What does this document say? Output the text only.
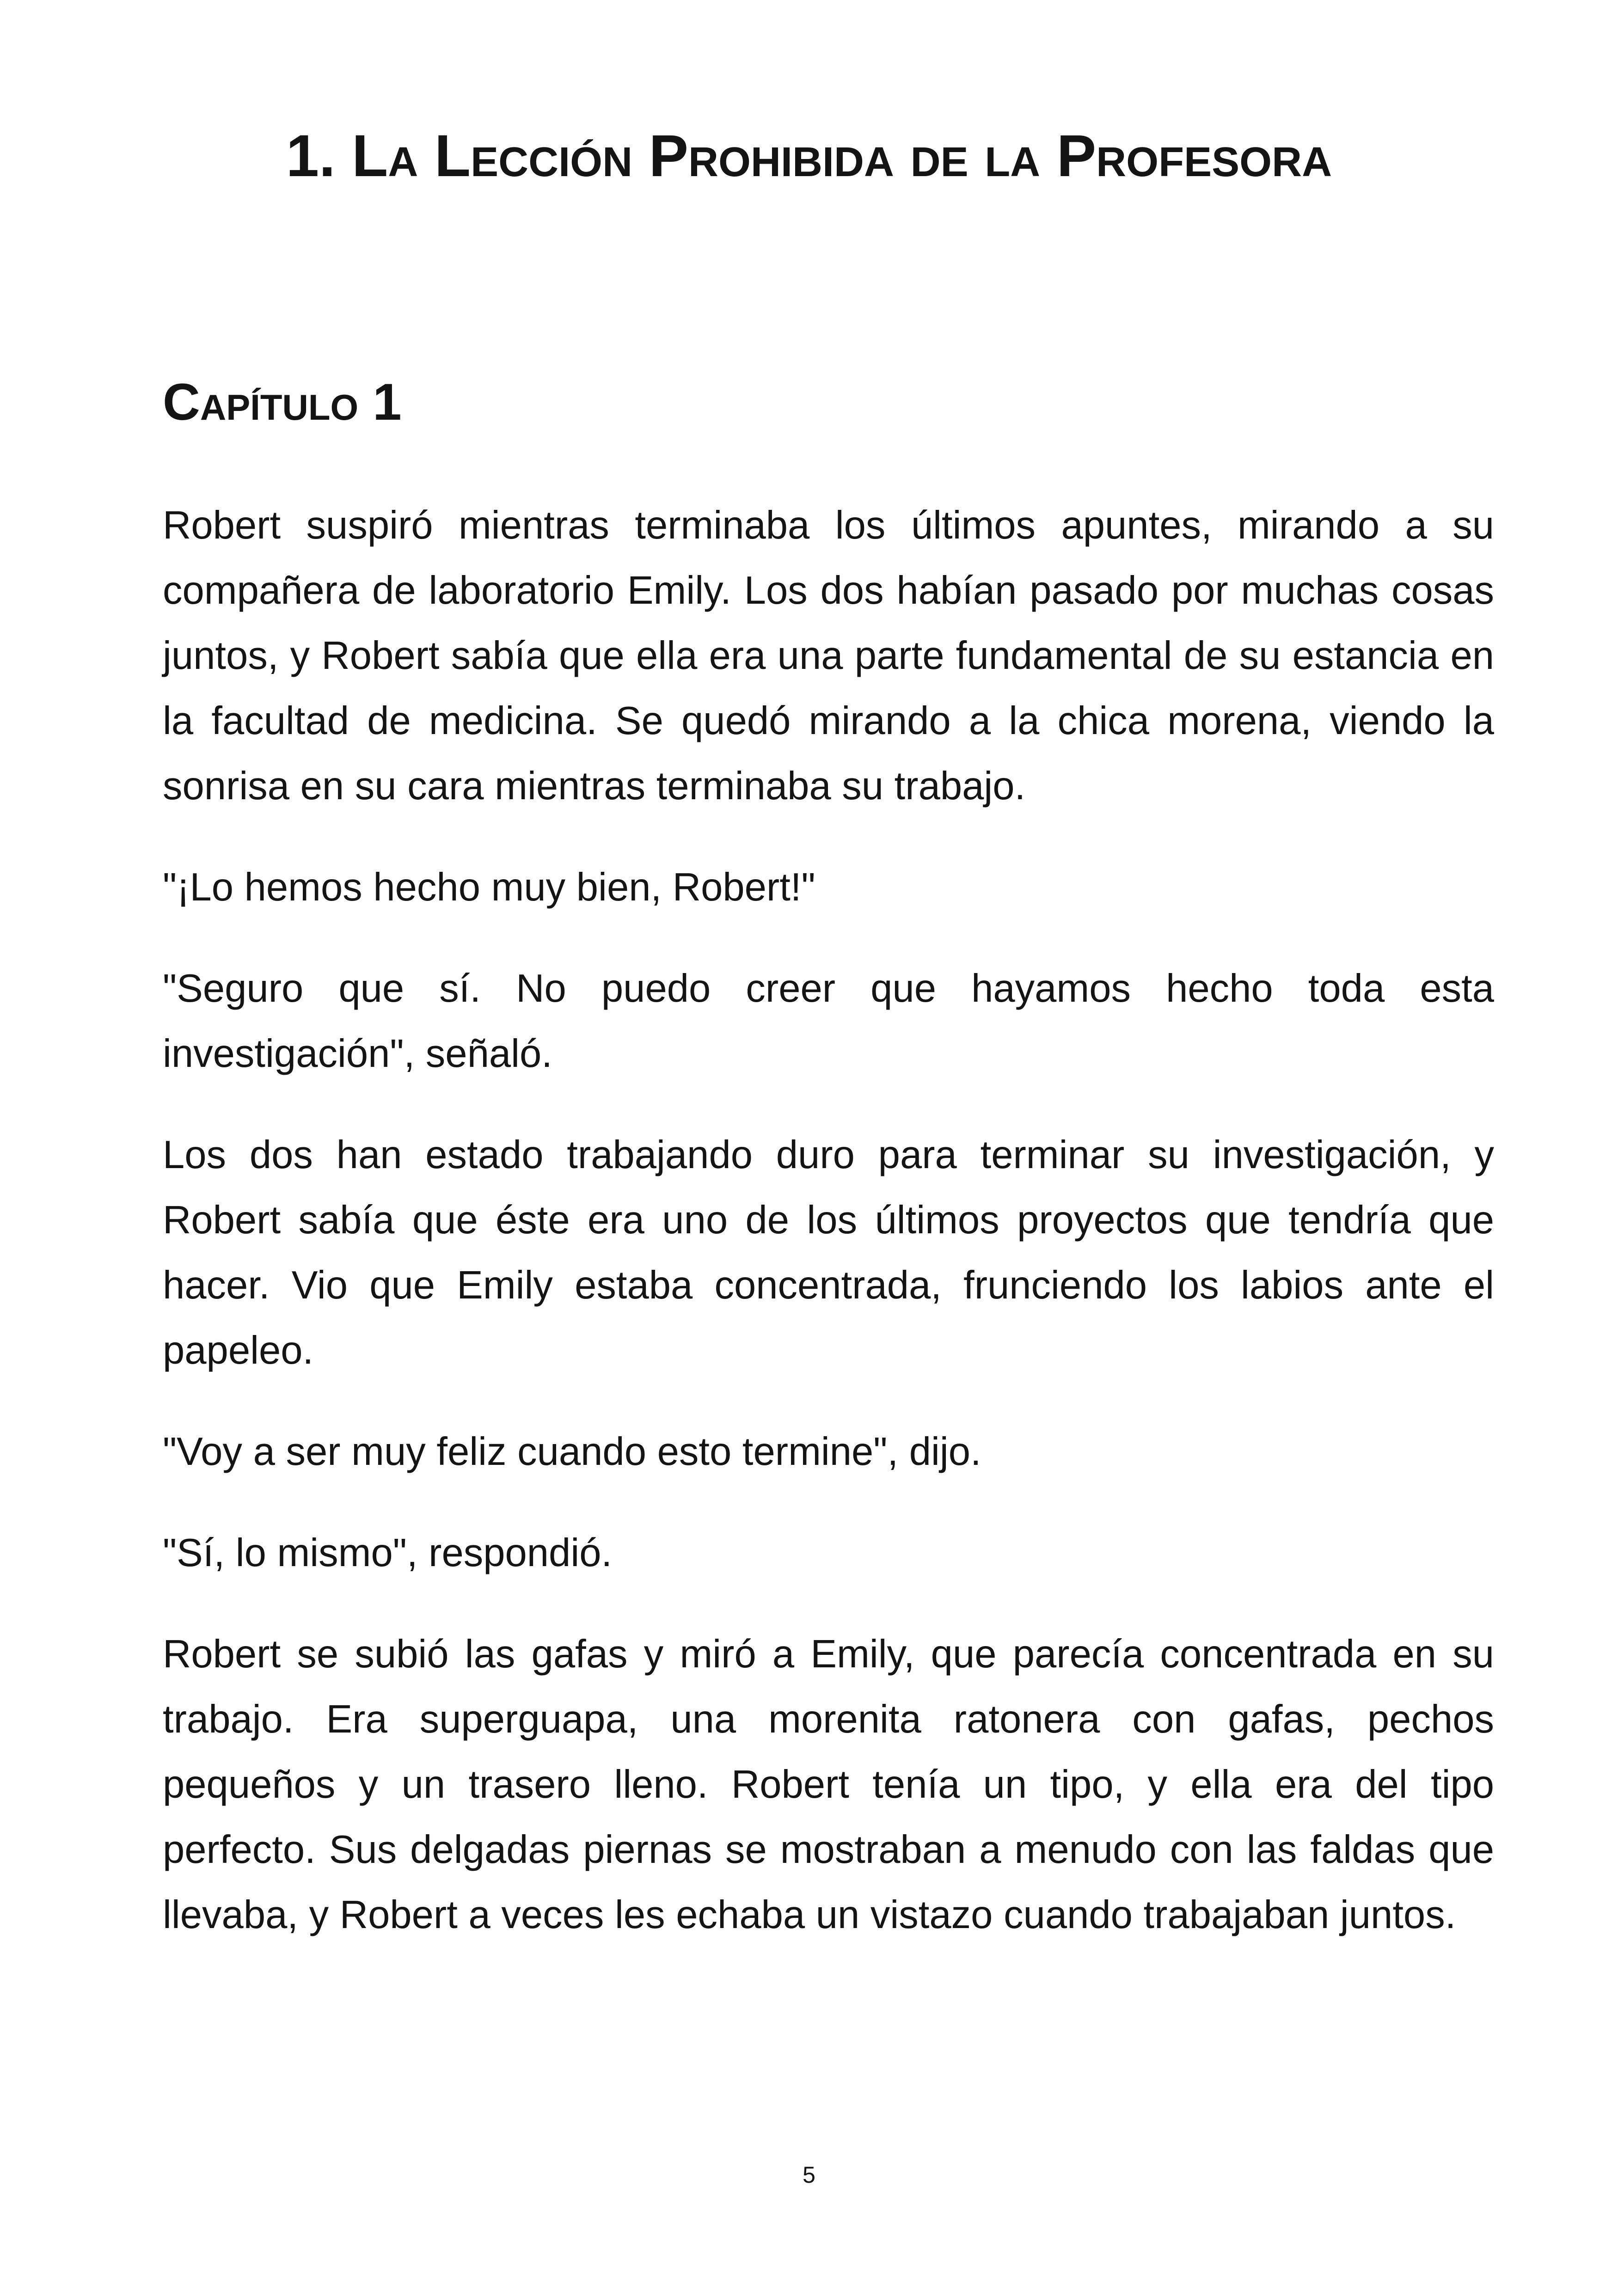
1. La Lección Prohibida de la Profesora
Capítulo 1

Robert suspiró mientras terminaba los últimos apuntes, mirando a su compañera de laboratorio Emily. Los dos habían pasado por muchas cosas juntos, y Robert sabía que ella era una parte fundamental de su estancia en la facultad de medicina. Se quedó mirando a la chica morena, viendo la sonrisa en su cara mientras terminaba su trabajo.

"¡Lo hemos hecho muy bien, Robert!"

"Seguro que sí. No puedo creer que hayamos hecho toda esta investigación", señaló.

Los dos han estado trabajando duro para terminar su investigación, y Robert sabía que éste era uno de los últimos proyectos que tendría que hacer. Vio que Emily estaba concentrada, frunciendo los labios ante el papeleo.

"Voy a ser muy feliz cuando esto termine", dijo.

"Sí, lo mismo", respondió.

Robert se subió las gafas y miró a Emily, que parecía concentrada en su trabajo. Era superguapa, una morenita ratonera con gafas, pechos pequeños y un trasero lleno. Robert tenía un tipo, y ella era del tipo perfecto. Sus delgadas piernas se mostraban a menudo con las faldas que llevaba, y Robert a veces les echaba un vistazo cuando trabajaban juntos.

5
